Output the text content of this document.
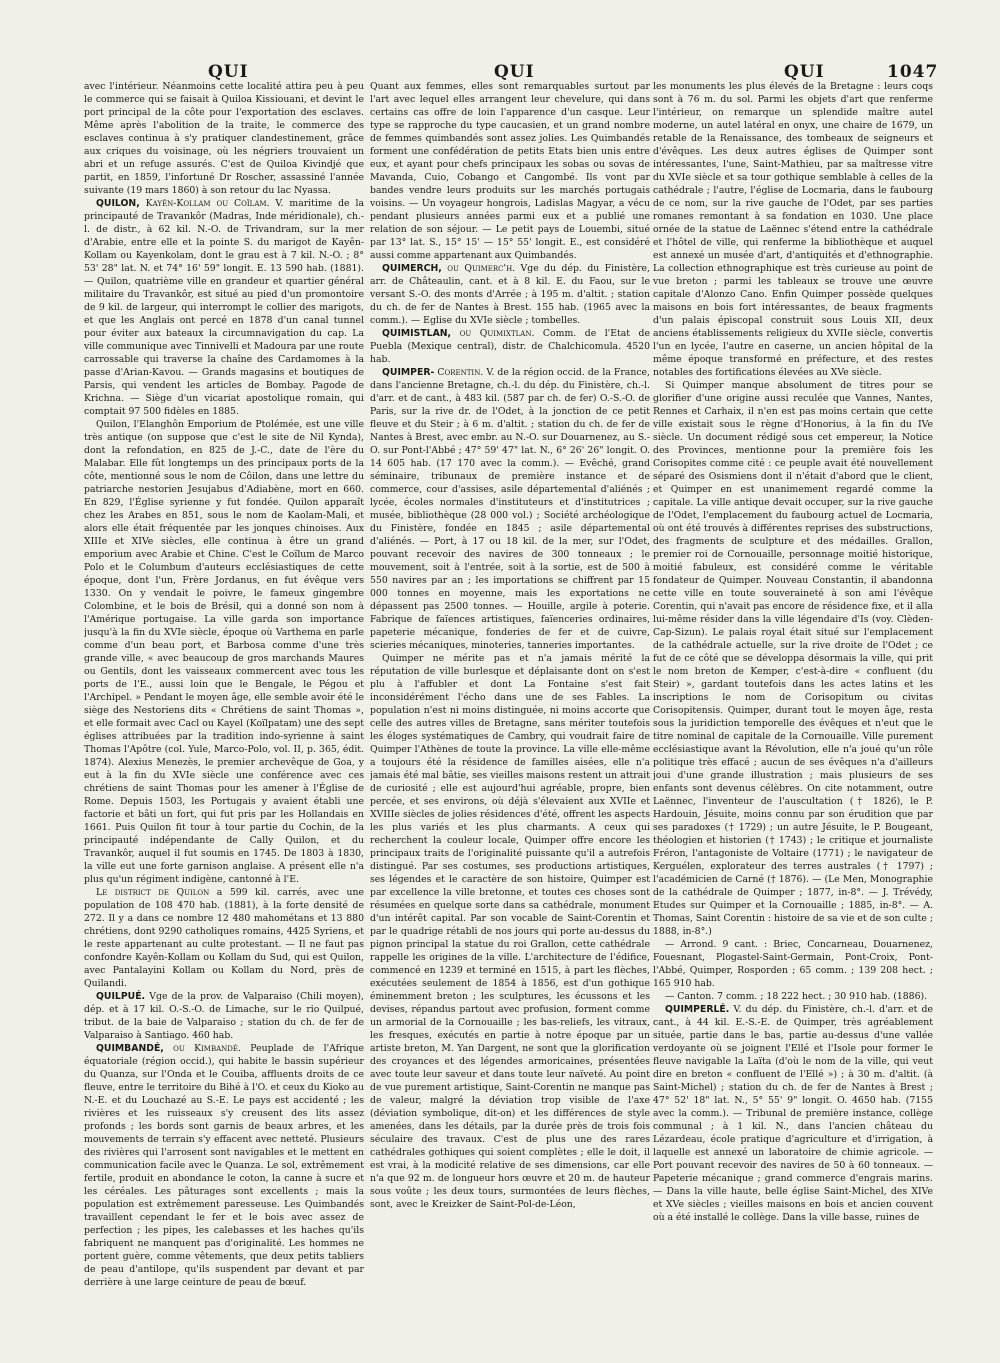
QUI	QUI	QUI	1047

avec l'intérieur. Néanmoins cette localité attira peu à peu le commerce qui se faisait à Quiloa Kissiouani, et devint le port principal de la côte pour l'exportation des esclaves. Même après l'abolition de la traite, le commerce des esclaves continua à s'y pratiquer clandestinement, grâce aux criques du voisinage, où les négriers trouvaient un abri et un refuge assurés. C'est de Quiloa Kivindjé que partit, en 1859, l'infortuné Dr Roscher, assassiné l'année suivante (19 mars 1860) à son retour du lac Nyassa.

QUILON, Kayên-Kollam ou Coïlam. V. maritime de la principauté de Travankôr (Madras, Inde méridionale), ch.-l. de distr., à 62 kil. N.-O. de Trivandram, sur la mer d'Arabie, entre elle et la pointe S. du marigot de Kayên-Kollam ou Kayenkolam, dont le grau est à 7 kil. N.-O. ; 8° 53' 28" lat. N. et 74° 16' 59" longit. E. 13 590 hab. (1881). — Quilon, quatrième ville en grandeur et quartier général militaire du Travankôr, est situé au pied d'un promontoire de 9 kil. de largeur, qui interrompt le collier des marigots, et que les Anglais ont percé en 1878 d'un canal tunnel pour éviter aux bateaux la circumnavigation du cap. La ville communique avec Tinnivelli et Madoura par une route carrossable qui traverse la chaîne des Cardamomes à la passe d'Arian-Kavou. — Grands magasins et boutiques de Parsis, qui vendent les articles de Bombay. Pagode de Krichna. — Siège d'un vicariat apostolique romain, qui comptait 97 500 fidèles en 1885.

Quilon, l'Elanghôn Emporium de Ptolémée, est une ville très antique (on suppose que c'est le site de Nil Kynda), dont la refondation, en 825 de J.-C., date de l'ère du Malabar. Elle fût longtemps un des principaux ports de la côte, mentionné sous le nom de Côilon, dans une lettre du patriarche nestorien Jesujabus d'Adiabène, mort en 660. En 829, l'Église syrienne y fut fondée. Quilon apparaît chez les Arabes en 851, sous le nom de Kaolam-Mali, et alors elle était fréquentée par les jonques chinoises. Aux XIIIe et XIVe siècles, elle continua à être un grand emporium avec Arabie et Chine. C'est le Coïlum de Marco Polo et le Columbum d'auteurs ecclésiastiques de cette époque, dont l'un, Frère Jordanus, en fut évêque vers 1330. On y vendait le poivre, le fameux gingembre Colombine, et le bois de Brésil, qui a donné son nom à l'Amérique portugaise. La ville garda son importance jusqu'à la fin du XVIe siècle, époque où Varthema en parle comme d'un beau port, et Barbosa comme d'une très grande ville, « avec beaucoup de gros marchands Maures ou Gentils, dont les vaisseaux commercent avec tous les ports de l'E., aussi loin que le Bengale, le Pégou et l'Archipel. » Pendant le moyen âge, elle semble avoir été le siège des Nestoriens dits « Chrétiens de saint Thomas », et elle formait avec Cacl ou Kayel (Koïlpatam) une des sept églises attribuées par la tradition indo-syrienne à saint Thomas l'Apôtre (col. Yule, Marco-Polo, vol. II, p. 365, édit. 1874). Alexius Menezès, le premier archevêque de Goa, y eut à la fin du XVIe siècle une conférence avec ces chrétiens de saint Thomas pour les amener à l'Église de Rome. Depuis 1503, les Portugais y avaient établi une factorie et bâti un fort, qui fut pris par les Hollandais en 1661. Puis Quilon fit tour à tour partie du Cochin, de la principauté indépendante de Cally Quilon, et du Travankôr, auquel il fut soumis en 1745. De 1803 à 1830, la ville eut une forte garnison anglaise. A présent elle n'a plus qu'un régiment indigène, cantonné à l'E.

Le district de Quilon a 599 kil. carrés, avec une population de 108 470 hab. (1881), à la forte densité de 272. Il y a dans ce nombre 12 480 mahométans et 13 880 chrétiens, dont 9290 catholiques romains, 4425 Syriens, et le reste appartenant au culte protestant. — Il ne faut pas confondre Kayên-Kollam ou Kollam du Sud, qui est Quilon, avec Pantalayini Kollam ou Kollam du Nord, près de Quilandi.

QUILPUÉ. Vge de la prov. de Valparaiso (Chili moyen), dép. et à 17 kil. O.-S.-O. de Limache, sur le rio Quilpué, tribut. de la baie de Valparaiso ; station du ch. de fer de Valparaiso à Santiago. 460 hab.

QUIMBANDÉ, ou Kimbandé. Peuplade de l'Afrique équatoriale (région occid.), qui habite le bassin supérieur du Quanza, sur l'Onda et le Couiba, affluents droits de ce fleuve, entre le territoire du Bihé à l'O. et ceux du Kioko au N.-E. et du Louchazé au S.-E. Le pays est accidenté ; les rivières et les ruisseaux s'y creusent des lits assez profonds ; les bords sont garnis de beaux arbres, et les mouvements de terrain s'y effacent avec netteté. Plusieurs des rivières qui l'arrosent sont navigables et le mettent en communication facile avec le Quanza. Le sol, extrêmement fertile, produit en abondance le coton, la canne à sucre et les céréales. Les pâturages sont excellents ; mais la population est extrêmement paresseuse. Les Quimbandés travaillent cependant le fer et le bois avec assez de perfection ; les pipes, les calebasses et les haches qu'ils fabriquent ne manquent pas d'originalité. Les hommes ne portent guère, comme vêtements, que deux petits tabliers de peau d'antilope, qu'ils suspendent par devant et par derrière à une large ceinture de peau de bœuf.

Quant aux femmes, elles sont remarquables surtout par l'art avec lequel elles arrangent leur chevelure, qui dans certains cas offre de loin l'apparence d'un casque. Leur type se rapproche du type caucasien, et un grand nombre de femmes quimbandés sont assez jolies. Les Quimbandés forment une confédération de petits Etats bien unis entre eux, et ayant pour chefs principaux les sobas ou sovas de Mavanda, Cuio, Cobango et Cangombé. Ils vont par bandes vendre leurs produits sur les marchés portugais voisins. — Un voyageur hongrois, Ladislas Magyar, a vécu pendant plusieurs années parmi eux et a publié une relation de son séjour. — Le petit pays de Louembi, situé par 13° lat. S., 15° 15' — 15° 55' longit. E., est considéré aussi comme appartenant aux Quimbandés.

QUIMERCH, ou Quimerc'h. Vge du dép. du Finistère, arr. de Châteaulin, cant. et à 8 kil. E. du Faou, sur le versant S.-O. des monts d'Arrée ; à 195 m. d'altit. ; station du ch. de fer de Nantes à Brest. 155 hab. (1965 avec la comm.). — Eglise du XVIe siècle ; tombelles.

QUIMISTLAN, ou Quimixtlan. Comm. de l'Etat de Puebla (Mexique central), distr. de Chalchicomula. 4520 hab.

QUIMPER- Corentin. V. de la région occid. de la France, dans l'ancienne Bretagne, ch.-l. du dép. du Finistère, ch.-l. d'arr. et de cant., à 483 kil. (587 par ch. de fer) O.-S.-O. de Paris, sur la rive dr. de l'Odet, à la jonction de ce petit fleuve et du Steir ; à 6 m. d'altit. ; station du ch. de fer de Nantes à Brest, avec embr. au N.-O. sur Douarnenez, au S.-O. sur Pont-l'Abbé ; 47° 59' 47" lat. N., 6° 26' 26" longit. O. 14 605 hab. (17 170 avec la comm.). — Evêché, grand séminaire, tribunaux de première instance et de commerce, cour d'assises, asile départemental d'aliénés ; lycée, écoles normales d'instituteurs et d'institutrices ; musée, bibliothèque (28 000 vol.) ; Société archéologique du Finistère, fondée en 1845 ; asile départemental d'aliénés. — Port, à 17 ou 18 kil. de la mer, sur l'Odet, pouvant recevoir des navires de 300 tonneaux ; le mouvement, soit à l'entrée, soit à la sortie, est de 500 à 550 navires par an ; les importations se chiffrent par 15 000 tonnes en moyenne, mais les exportations ne dépassent pas 2500 tonnes. — Houille, argile à poterie. Fabrique de faïences artistiques, faïenceries ordinaires, papeterie mécanique, fonderies de fer et de cuivre, scieries mécaniques, minoteries, tanneries importantes.

Quimper ne mérite pas et n'a jamais mérité la réputation de ville burlesque et déplaisante dont on s'est plu à l'affubler et dont La Fontaine s'est fait inconsidérément l'écho dans une de ses Fables. La population n'est ni moins distinguée, ni moins accorte que celle des autres villes de Bretagne, sans mériter toutefois les éloges systématiques de Cambry, qui voudrait faire de Quimper l'Athènes de toute la province. La ville elle-même a toujours été la résidence de familles aisées, elle n'a jamais été mal bâtie, ses vieilles maisons restent un attrait de curiosité ; elle est aujourd'hui agréable, propre, bien percée, et ses environs, où déjà s'élevaient aux XVIIe et XVIIIe siècles de jolies résidences d'été, offrent les aspects les plus variés et les plus charmants. A ceux qui recherchent la couleur locale, Quimper offre encore les principaux traits de l'originalité puissante qu'il a autrefois distingué. Par ses costumes, ses productions artistiques, ses légendes et le caractère de son histoire, Quimper est par excellence la ville bretonne, et toutes ces choses sont résumées en quelque sorte dans sa cathédrale, monument d'un intérêt capital. Par son vocable de Saint-Corentin et par le quadrige rétabli de nos jours qui porte au-dessus du pignon principal la statue du roi Grallon, cette cathédrale rappelle les origines de la ville. L'architecture de l'édifice, commencé en 1239 et terminé en 1515, à part les flèches, exécutées seulement de 1854 à 1856, est d'un gothique éminemment breton ; les sculptures, les écussons et les devises, répandus partout avec profusion, forment comme un armorial de la Cornouaille ; les bas-reliefs, les vitraux, les fresques, exécutés en partie à notre époque par un artiste breton, M. Yan Dargent, ne sont que la glorification des croyances et des légendes armoricaines, présentées avec toute leur saveur et dans toute leur naïveté. Au point de vue purement artistique, Saint-Corentin ne manque pas de valeur, malgré la déviation trop visible de l'axe (déviation symbolique, dit-on) et les différences de style amenées, dans les détails, par la durée près de trois fois séculaire des travaux. C'est de plus une des rares cathédrales gothiques qui soient complètes ; elle le doit, il est vrai, à la modicité relative de ses dimensions, car elle n'a que 92 m. de longueur hors œuvre et 20 m. de hauteur sous voûte ; les deux tours, surmontées de leurs flèches, sont, avec le Kreizker de Saint-Pol-de-Léon,

les monuments les plus élevés de la Bretagne : leurs coqs sont à 76 m. du sol. Parmi les objets d'art que renferme l'intérieur, on remarque un splendide maître autel moderne, un autel latéral en onyx, une chaire de 1679, un retable de la Renaissance, des tombeaux de seigneurs et d'évêques. Les deux autres églises de Quimper sont intéressantes, l'une, Saint-Mathieu, par sa maîtresse vitre du XVIe siècle et sa tour gothique semblable à celles de la cathédrale ; l'autre, l'église de Locmaria, dans le faubourg de ce nom, sur la rive gauche de l'Odet, par ses parties romanes remontant à sa fondation en 1030. Une place ornée de la statue de Laënnec s'étend entre la cathédrale et l'hôtel de ville, qui renferme la bibliothèque et auquel est annexé un musée d'art, d'antiquités et d'ethnographie. La collection ethnographique est très curieuse au point de vue breton ; parmi les tableaux se trouve une œuvre capitale d'Alonzo Cano. Enfin Quimper possède quelques maisons en bois fort intéressantes, de beaux fragments d'un palais épiscopal construit sous Louis XII, deux anciens établissements religieux du XVIIe siècle, convertis l'un en lycée, l'autre en caserne, un ancien hôpital de la même époque transformé en préfecture, et des restes notables des fortifications élevées au XVe siècle.

Si Quimper manque absolument de titres pour se glorifier d'une origine aussi reculée que Vannes, Nantes, Rennes et Carhaix, il n'en est pas moins certain que cette ville existait sous le règne d'Honorius, à la fin du IVe siècle. Un document rédigé sous cet empereur, la Notice des Provinces, mentionne pour la première fois les Corisopites comme cité : ce peuple avait été nouvellement séparé des Osismiens dont il n'était d'abord que le client, et Quimper en est unanimement regardé comme la capitale. La ville antique devait occuper, sur la rive gauche de l'Odet, l'emplacement du faubourg actuel de Locmaria, où ont été trouvés à différentes reprises des substructions, des fragments de sculpture et des médailles. Grallon, premier roi de Cornouaille, personnage moitié historique, moitié fabuleux, est considéré comme le véritable fondateur de Quimper. Nouveau Constantin, il abandonna cette ville en toute souveraineté à son ami l'évêque Corentin, qui n'avait pas encore de résidence fixe, et il alla lui-même résider dans la ville légendaire d'Is (voy. Clèden-Cap-Sizun). Le palais royal était situé sur l'emplacement de la cathédrale actuelle, sur la rive droite de l'Odet ; ce fut de ce côté que se développa désormais la ville, qui prit le nom breton de Kemper, c'est-à-dire « confluent (du Steir) », gardant toutefois dans les actes latins et les inscriptions le nom de Corisopitum ou civitas Corisopitensis. Quimper, durant tout le moyen âge, resta sous la juridiction temporelle des évêques et n'eut que le titre nominal de capitale de la Cornouaille. Ville purement ecclésiastique avant la Révolution, elle n'a joué qu'un rôle politique très effacé ; aucun de ses évêques n'a d'ailleurs joui d'une grande illustration ; mais plusieurs de ses enfants sont devenus célèbres. On cite notamment, outre Laënnec, l'inventeur de l'auscultation († 1826), le P. Hardouin, Jésuite, moins connu par son érudition que par ses paradoxes († 1729) ; un autre Jésuite, le P. Bougeant, théologien et historien († 1743) ; le critique et journaliste Fréron, l'antagoniste de Voltaire (1771) ; le navigateur de Kerguélen, explorateur des terres australes († 1797) ; l'académicien de Carné († 1876). — (Le Men, Monographie de la cathédrale de Quimper ; 1877, in-8°. — J. Trévédy, Etudes sur Quimper et la Cornouaille ; 1885, in-8°. — A. Thomas, Saint Corentin : histoire de sa vie et de son culte ; 1888, in-8°.)

— Arrond. 9 cant. : Briec, Concarneau, Douarnenez, Fouesnant, Plogastel-Saint-Germain, Pont-Croix, Pont-l'Abbé, Quimper, Rosporden ; 65 comm. ; 139 208 hect. ; 165 910 hab.

— Canton. 7 comm. ; 18 222 hect. ; 30 910 hab. (1886).

QUIMPERLÉ. V. du dép. du Finistère, ch.-l. d'arr. et de cant., à 44 kil. E.-S.-E. de Quimper, très agréablement située, partie dans le bas, partie au-dessus d'une vallée verdoyante où se joignent l'Ellé et l'Isole pour former le fleuve navigable la Laïta (d'où le nom de la ville, qui veut dire en breton « confluent de l'Ellé ») ; à 30 m. d'altit. (à Saint-Michel) ; station du ch. de fer de Nantes à Brest ; 47° 52' 18" lat. N., 5° 55' 9" longit. O. 4650 hab. (7155 avec la comm.). — Tribunal de première instance, collège communal ; à 1 kil. N., dans l'ancien château du Lézardeau, école pratique d'agriculture et d'irrigation, à laquelle est annexé un laboratoire de chimie agricole. — Port pouvant recevoir des navires de 50 à 60 tonneaux. — Papeterie mécanique ; grand commerce d'engrais marins. — Dans la ville haute, belle église Saint-Michel, des XIVe et XVe siècles ; vieilles maisons en bois et ancien couvent où a été installé le collège. Dans la ville basse, ruines de
